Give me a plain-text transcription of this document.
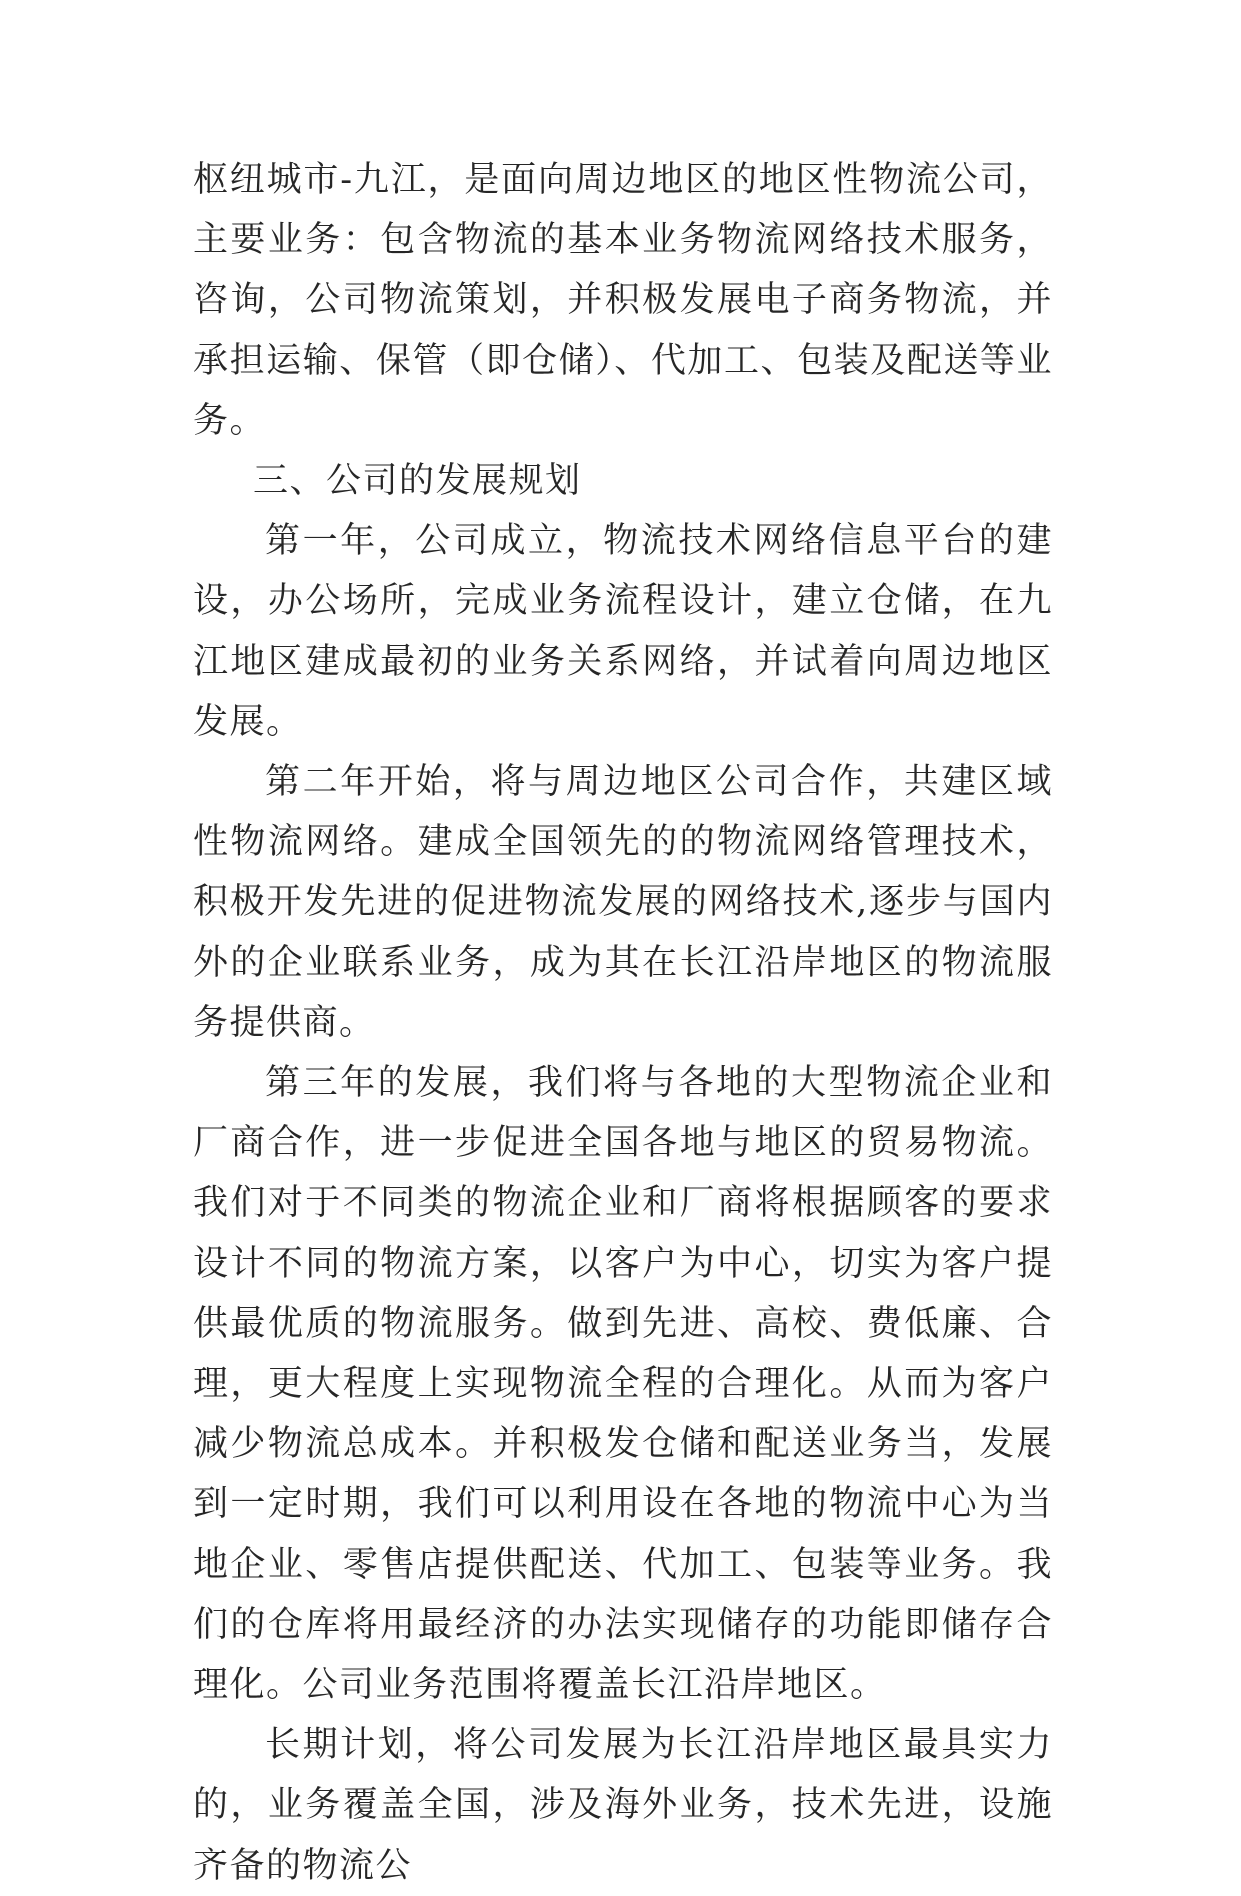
枢纽城市-九江，是面向周边地区的地区性物流公司，主要业务：包含物流的基本业务物流网络技术服务，咨询，公司物流策划，并积极发展电子商务物流，并承担运输、保管（即仓储）、代加工、包装及配送等业务。

三、公司的发展规划

第一年，公司成立，物流技术网络信息平台的建设，办公场所，完成业务流程设计，建立仓储，在九江地区建成最初的业务关系网络，并试着向周边地区发展。

第二年开始，将与周边地区公司合作，共建区域性物流网络。建成全国领先的的物流网络管理技术，积极开发先进的促进物流发展的网络技术,逐步与国内外的企业联系业务，成为其在长江沿岸地区的物流服务提供商。

第三年的发展，我们将与各地的大型物流企业和厂商合作，进一步促进全国各地与地区的贸易物流。我们对于不同类的物流企业和厂商将根据顾客的要求设计不同的物流方案，以客户为中心，切实为客户提供最优质的物流服务。做到先进、高校、费低廉、合理，更大程度上实现物流全程的合理化。从而为客户减少物流总成本。并积极发仓储和配送业务当，发展到一定时期，我们可以利用设在各地的物流中心为当地企业、零售店提供配送、代加工、包装等业务。我们的仓库将用最经济的办法实现储存的功能即储存合理化。公司业务范围将覆盖长江沿岸地区。

长期计划，将公司发展为长江沿岸地区最具实力的，业务覆盖全国，涉及海外业务，技术先进，设施齐备的物流公
